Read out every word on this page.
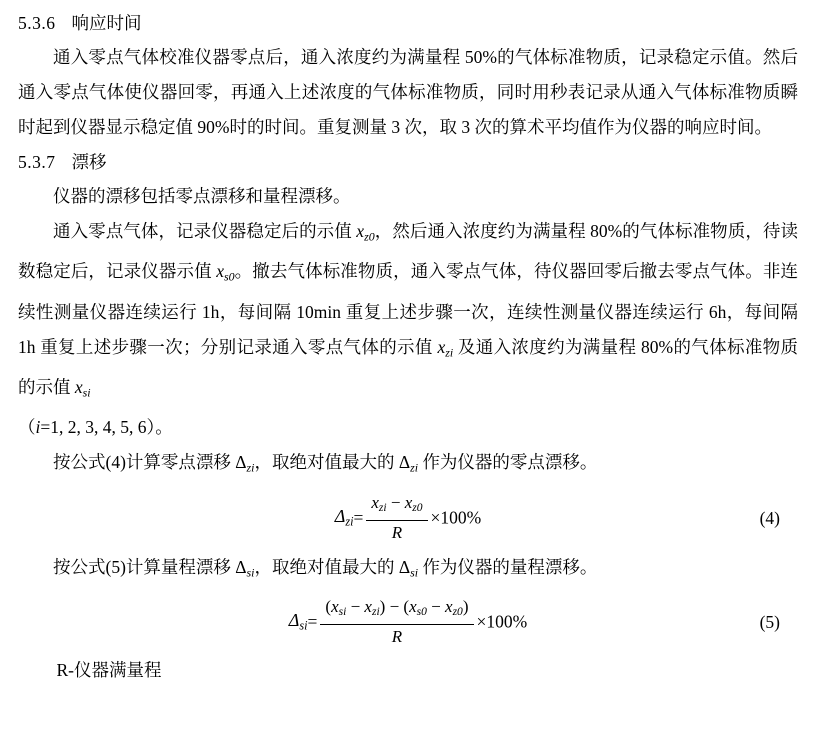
5.3.6 响应时间

通入零点气体校准仪器零点后，通入浓度约为满量程 50%的气体标准物质，记录稳定示值。然后通入零点气体使仪器回零，再通入上述浓度的气体标准物质，同时用秒表记录从通入气体标准物质瞬时起到仪器显示稳定值 90%时的时间。重复测量 3 次，取 3 次的算术平均值作为仪器的响应时间。

5.3.7 漂移

仪器的漂移包括零点漂移和量程漂移。

通入零点气体，记录仪器稳定后的示值 $x_{z0}$，然后通入浓度约为满量程 80%的气体标准物质，待读数稳定后，记录仪器示值 $x_{s0}$。撤去气体标准物质，通入零点气体，待仪器回零后撤去零点气体。非连续性测量仪器连续运行 1h，每间隔 10min 重复上述步骤一次，连续性测量仪器连续运行 6h，每间隔 1h 重复上述步骤一次；分别记录通入零点气体的示值 $x_{zi}$ 及通入浓度约为满量程 80%的气体标准物质的示值 $x_{si}$

（i=1, 2, 3, 4, 5, 6）。

按公式(4)计算零点漂移 $\Delta_{zi}$，取绝对值最大的 $\Delta_{zi}$ 作为仪器的零点漂移。

$\Delta_{zi}= \frac{x_{zi} - x_{z0}}{R} \times 100\%$	(4)

按公式(5)计算量程漂移 $\Delta_{si}$，取绝对值最大的 $\Delta_{si}$ 作为仪器的量程漂移。

$\Delta_{si}= \frac{(x_{si} - x_{zi}) - (x_{s0} - x_{z0})}{R} \times 100\%$	(5)

R-仪器满量程
